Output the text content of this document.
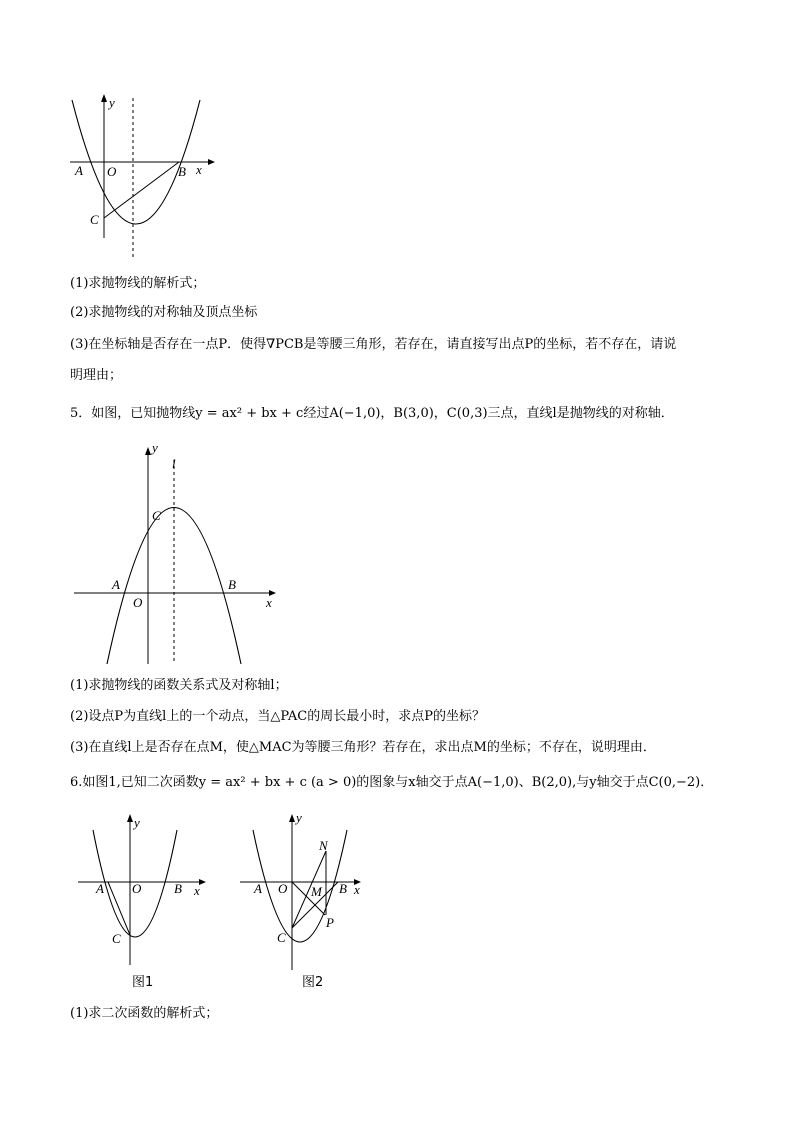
y
A O	B x
C
(1)求抛物线的解析式；
(2)求抛物线的对称轴及顶点坐标
(3)在坐标轴是否存在一点P．使得∇PCB是等腰三角形，若存在，请直接写出点P的坐标，若不存在，请说
明理由；
5．如图，已知抛物线y = ax² + bx + c经过A(−1,0)，B(3,0)，C(0,3)三点，直线l是抛物线的对称轴．
y
l
C
A
O
B
x
(1)求抛物线的函数关系式及对称轴l；
(2)设点P为直线l上的一个动点，当△PAC的周长最小时，求点P的坐标？
(3)在直线l上是否存在点M，使△MAC为等腰三角形？若存在，求出点M的坐标；不存在，说明理由．
6.如图1,已知二次函数y = ax² + bx + c (a > 0)的图象与x轴交于点A(−1,0)、B(2,0),与y轴交于点C(0,−2)．
y
A O	B x
C
图1
y
N
M
A O	B x
P
C
图2
(1)求二次函数的解析式；
